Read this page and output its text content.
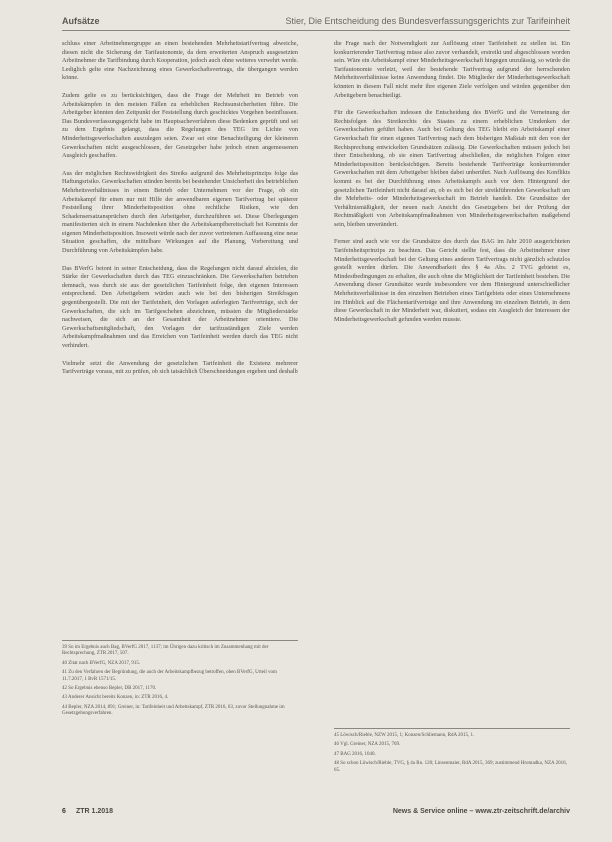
Aufsätze	Stier, Die Entscheidung des Bundesverfassungsgerichts zur Tarifeinheit

schluss einer Arbeitnehmergruppe an einen bestehenden Mehrheitstarifvertrag abweiche, diesen nicht die Sicherung der Tarifautonomie, da dem erweiterten Anspruch ausgesetzten Arbeitnehmer die Tarifbindung durch Kooperation, jedoch auch ohne weiteres verwehrt werde. Lediglich gelte eine Nachzeichnung eines Gewerkschaftsvertrags, die übergangen werden könne.

Zudem gelte es zu berücksichtigen, dass die Frage der Mehrheit im Betrieb von Arbeitskämpfen in den meisten Fällen zu erheblichen Rechtsunsicherheiten führe. Die Arbeitgeber könnten den Zeitpunkt der Feststellung durch geschicktes Vorgehen beeinflussen. Das Bundesverfassungsgericht habe im Hauptsacheverfahren diese Bedenken geprüft und sei zu dem Ergebnis gelangt, dass die Regelungen des TEG im Lichte von Minderheitsgewerkschaften auszulegen seien. Zwar sei eine Benachteiligung der kleineren Gewerkschaften nicht ausgeschlossen, der Gesetzgeber habe jedoch einen angemessenen Ausgleich geschaffen.

Aus der möglichen Rechtswidrigkeit des Streiks aufgrund des Mehrheitsprinzips folge das Haftungsrisiko. Gewerkschaften stünden bereits bei bestehender Unsicherheit des betrieblichen Mehrheitsverhältnisses in einem Betrieb oder Unternehmen vor der Frage, ob ein Arbeitskampf für einen nur mit Hilfe der anwendbaren eigenen Tarifvertrag bei späterer Feststellung ihrer Minderheitsposition ohne rechtliche Risiken, wie den Schadensersatzansprüchen durch den Arbeitgeber, durchzuführen sei. Diese Überlegungen manifestierten sich in einem Nachdenken über die Arbeitskampfbereitschaft bei Kenntnis der eigenen Minderheitsposition. Insoweit würde nach der zuvor vertretenen Auffassung eine neue Situation geschaffen, die mittelbare Wirkungen auf die Planung, Vorbereitung und Durchführung von Arbeitskämpfen habe.

Das BVerfG betont in seiner Entscheidung, dass die Regelungen nicht darauf abzielen, die Stärke der Gewerkschaften durch das TEG einzuschränken. Die Gewerkschaften betrieben demnach, was durch sie aus der gesetzlichen Tarifeinheit folge, den eigenen Interessen entsprechend. Den Arbeitgebern würden auch wie bei den bisherigen Streikfragen gegenübergestellt. Die mit der Tarifeinheit, den Vorlagen auferlegten Tarifverträge, sich der Gewerkschaften, die sich im Tarifgeschehen abzeichnen, müssten die Mitgliederstärke nachweisen, die sich an der Gesamtheit der Arbeitnehmer orientiere. Die Gewerkschaftsmitgliedschaft, den Vorlagen der tarifzuständigen Ziele werden Arbeitskampfmaßnahmen und das Erreichen von Tarifeinheit werden durch das TEG nicht verhindert.

Vielmehr setzt die Anwendung der gesetzlichen Tarifeinheit die Existenz mehrerer Tarifverträge voraus, mit zu prüfen, ob sich tatsächlich Überschneidungen ergeben und deshalb

die Frage nach der Notwendigkeit zur Auflösung einer Tarifeinheit zu stellen ist. Ein konkurrierender Tarifvertrag müsse also zuvor verhandelt, erstreikt und abgeschlossen worden sein. Wäre ein Arbeitskampf einer Minderheitsgewerkschaft hingegen unzulässig, so würde die Tarifautonomie verletzt, weil der bestehende Tarifvertrag aufgrund der herrschenden Mehrheitsverhältnisse keine Anwendung findet. Die Mitglieder der Minderheitsgewerkschaft könnten in diesem Fall nicht mehr ihre eigenen Ziele verfolgen und würden gegenüber den Arbeitgebern benachteiligt.

Für die Gewerkschaften indessen die Entscheidung des BVerfG und die Verneinung der Rechtsfolgen des Streikrechts des Staates zu einem erheblichen Umdenken der Gewerkschaften geführt haben. Auch bei Geltung des TEG bleibt ein Arbeitskampf einer Gewerkschaft für einen eigenen Tarifvertrag nach dem bisherigen Maßstab mit den von der Rechtsprechung entwickelten Grundsätzen zulässig. Die Gewerkschaften müssen jedoch bei ihrer Entscheidung, ob sie einen Tarifvertrag abschließen, die möglichen Folgen einer Minderheitsposition berücksichtigen. Bereits bestehende Tarifverträge konkurrierender Gewerkschaften mit dem Arbeitgeber bleiben dabei unberührt. Nach Auflösung des Konflikts kommt es bei der Durchführung eines Arbeitskampfs auch vor dem Hintergrund der gesetzlichen Tarifeinheit nicht darauf an, ob es sich bei der streikführenden Gewerkschaft um die Mehrheits- oder Minderheitsgewerkschaft im Betrieb handelt. Die Grundsätze der Verhältnismäßigkeit, der neuen nach Ansicht des Gesetzgebers bei der Prüfung der Rechtmäßigkeit von Arbeitskampfmaßnahmen von Minderheitsgewerkschaften maßgebend sein, bleiben unverändert.

Ferner sind auch wie vor die Grundsätze des durch das BAG im Jahr 2010 ausgerichteten Tarifeinheitsprinzips zu beachten. Das Gericht stellte fest, dass die Arbeitnehmer einer Minderheitsgewerkschaft bei der Geltung eines anderen Tarifvertrags nicht gänzlich schutzlos gestellt werden dürfen. Die Anwendbarkeit des § 4a Abs. 2 TVG gebietet es, Mindestbedingungen zu erhalten, die auch ohne die Möglichkeit der Tarifeinheit bestehen. Die Anwendung dieser Grundsätze wurde insbesondere vor dem Hintergrund unterschiedlicher Mehrheitsverhältnisse in den einzelnen Betrieben eines Tarifgebiets oder eines Unternehmens im Hinblick auf die Flächentarifverträge und ihre Anwendung im einzelnen Betrieb, in dem diese Gewerkschaft in der Minderheit war, diskutiert, sodass ein Ausgleich der Interessen der Minderheitsgewerkschaft gefunden werden musste.

39 So im Ergebnis auch Bag, BVerfG 2017, 1137; im Übrigen dazu kritisch im Zusammenhang mit der Rechtsprechung, ZTR 2017, 507.
40 Zitat nach BVerfG, NZA 2017, 915.
41 Zu den Verfahren der Begründung, die auch der Arbeitskampfbezug betroffen, oben BVerfG, Urteil vom 11.7.2017, 1 BvR 1571/15.
42 So Ergebnis ebenso Bepler, DB 2017, 1170.
43 Anderer Ansicht bereits Konzen, in: ZTR 2016, 4.
44 Bepler, NZA 2014, 891; Greiner, in: Tarifeinheit und Arbeitskampf, ZTR 2016, 63, zuvor Stellungnahme im Gesetzgebungsverfahren.
45 Löwisch/Rieble, NZW 2015, 1; Konzen/Schliemann, RdA 2015, 1.
46 Vgl. Greiner, NZA 2015, 769.
47 BAG 2016, 1040.
48 So schon Löwisch/Rieble, TVG, § 4a Rn. 120; Linsenmaier, RdA 2015, 369; zustimmend Hromadka, NZA 2016, 65.
6 ZTR 1.2018	News & Service online – www.ztr-zeitschrift.de/archiv
